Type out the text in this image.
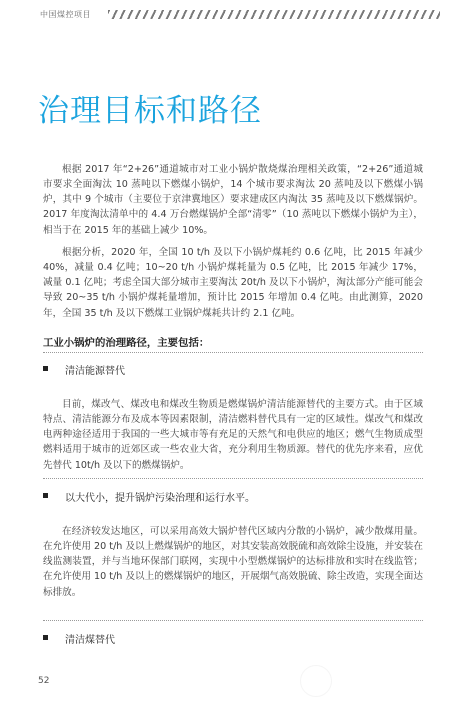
中国煤控项目
治理目标和路径

根据 2017 年“2+26”通道城市对工业小锅炉散烧煤治理相关政策，“2+26”通道城市要求全面淘汰 10 蒸吨以下燃煤小锅炉，14 个城市要求淘汰 20 蒸吨及以下燃煤小锅炉，其中 9 个城市（主要位于京津冀地区）要求建成区内淘汰 35 蒸吨及以下燃煤锅炉。2017 年度淘汰清单中的 4.4 万台燃煤锅炉全部“清零”（10 蒸吨以下燃煤小锅炉为主），相当于在 2015 年的基础上减少 10%。

根据分析，2020 年，全国 10 t/h 及以下小锅炉煤耗约 0.6 亿吨，比 2015 年减少 40%，减量 0.4 亿吨；10~20 t/h 小锅炉煤耗量为 0.5 亿吨，比 2015 年减少 17%，减量 0.1 亿吨；考虑全国大部分城市主要淘汰 20t/h 及以下小锅炉，淘汰部分产能可能会导致 20~35 t/h 小锅炉煤耗量增加，预计比 2015 年增加 0.4 亿吨。由此测算，2020 年，全国 35 t/h 及以下燃煤工业锅炉煤耗共计约 2.1 亿吨。

工业小锅炉的治理路径，主要包括：
清洁能源替代

目前，煤改气、煤改电和煤改生物质是燃煤锅炉清洁能源替代的主要方式。由于区域特点、清洁能源分布及成本等因素限制，清洁燃料替代具有一定的区域性。煤改气和煤改电两种途径适用于我国的一些大城市等有充足的天然气和电供应的地区；燃气生物质成型燃料适用于城市的近郊区或一些农业大省，充分利用生物质源。替代的优先序来看，应优先替代 10t/h 及以下的燃煤锅炉。

以大代小，提升锅炉污染治理和运行水平。

在经济较发达地区，可以采用高效大锅炉替代区域内分散的小锅炉，减少散煤用量。在允许使用 20 t/h 及以上燃煤锅炉的地区，对其安装高效脱硫和高效除尘设施，并安装在线监测装置，并与当地环保部门联网，实现中小型燃煤锅炉的达标排放和实时在线监管；在允许使用 10 t/h 及以上的燃煤锅炉的地区，开展烟气高效脱硫、除尘改造，实现全面达标排放。

清洁煤替代
52
